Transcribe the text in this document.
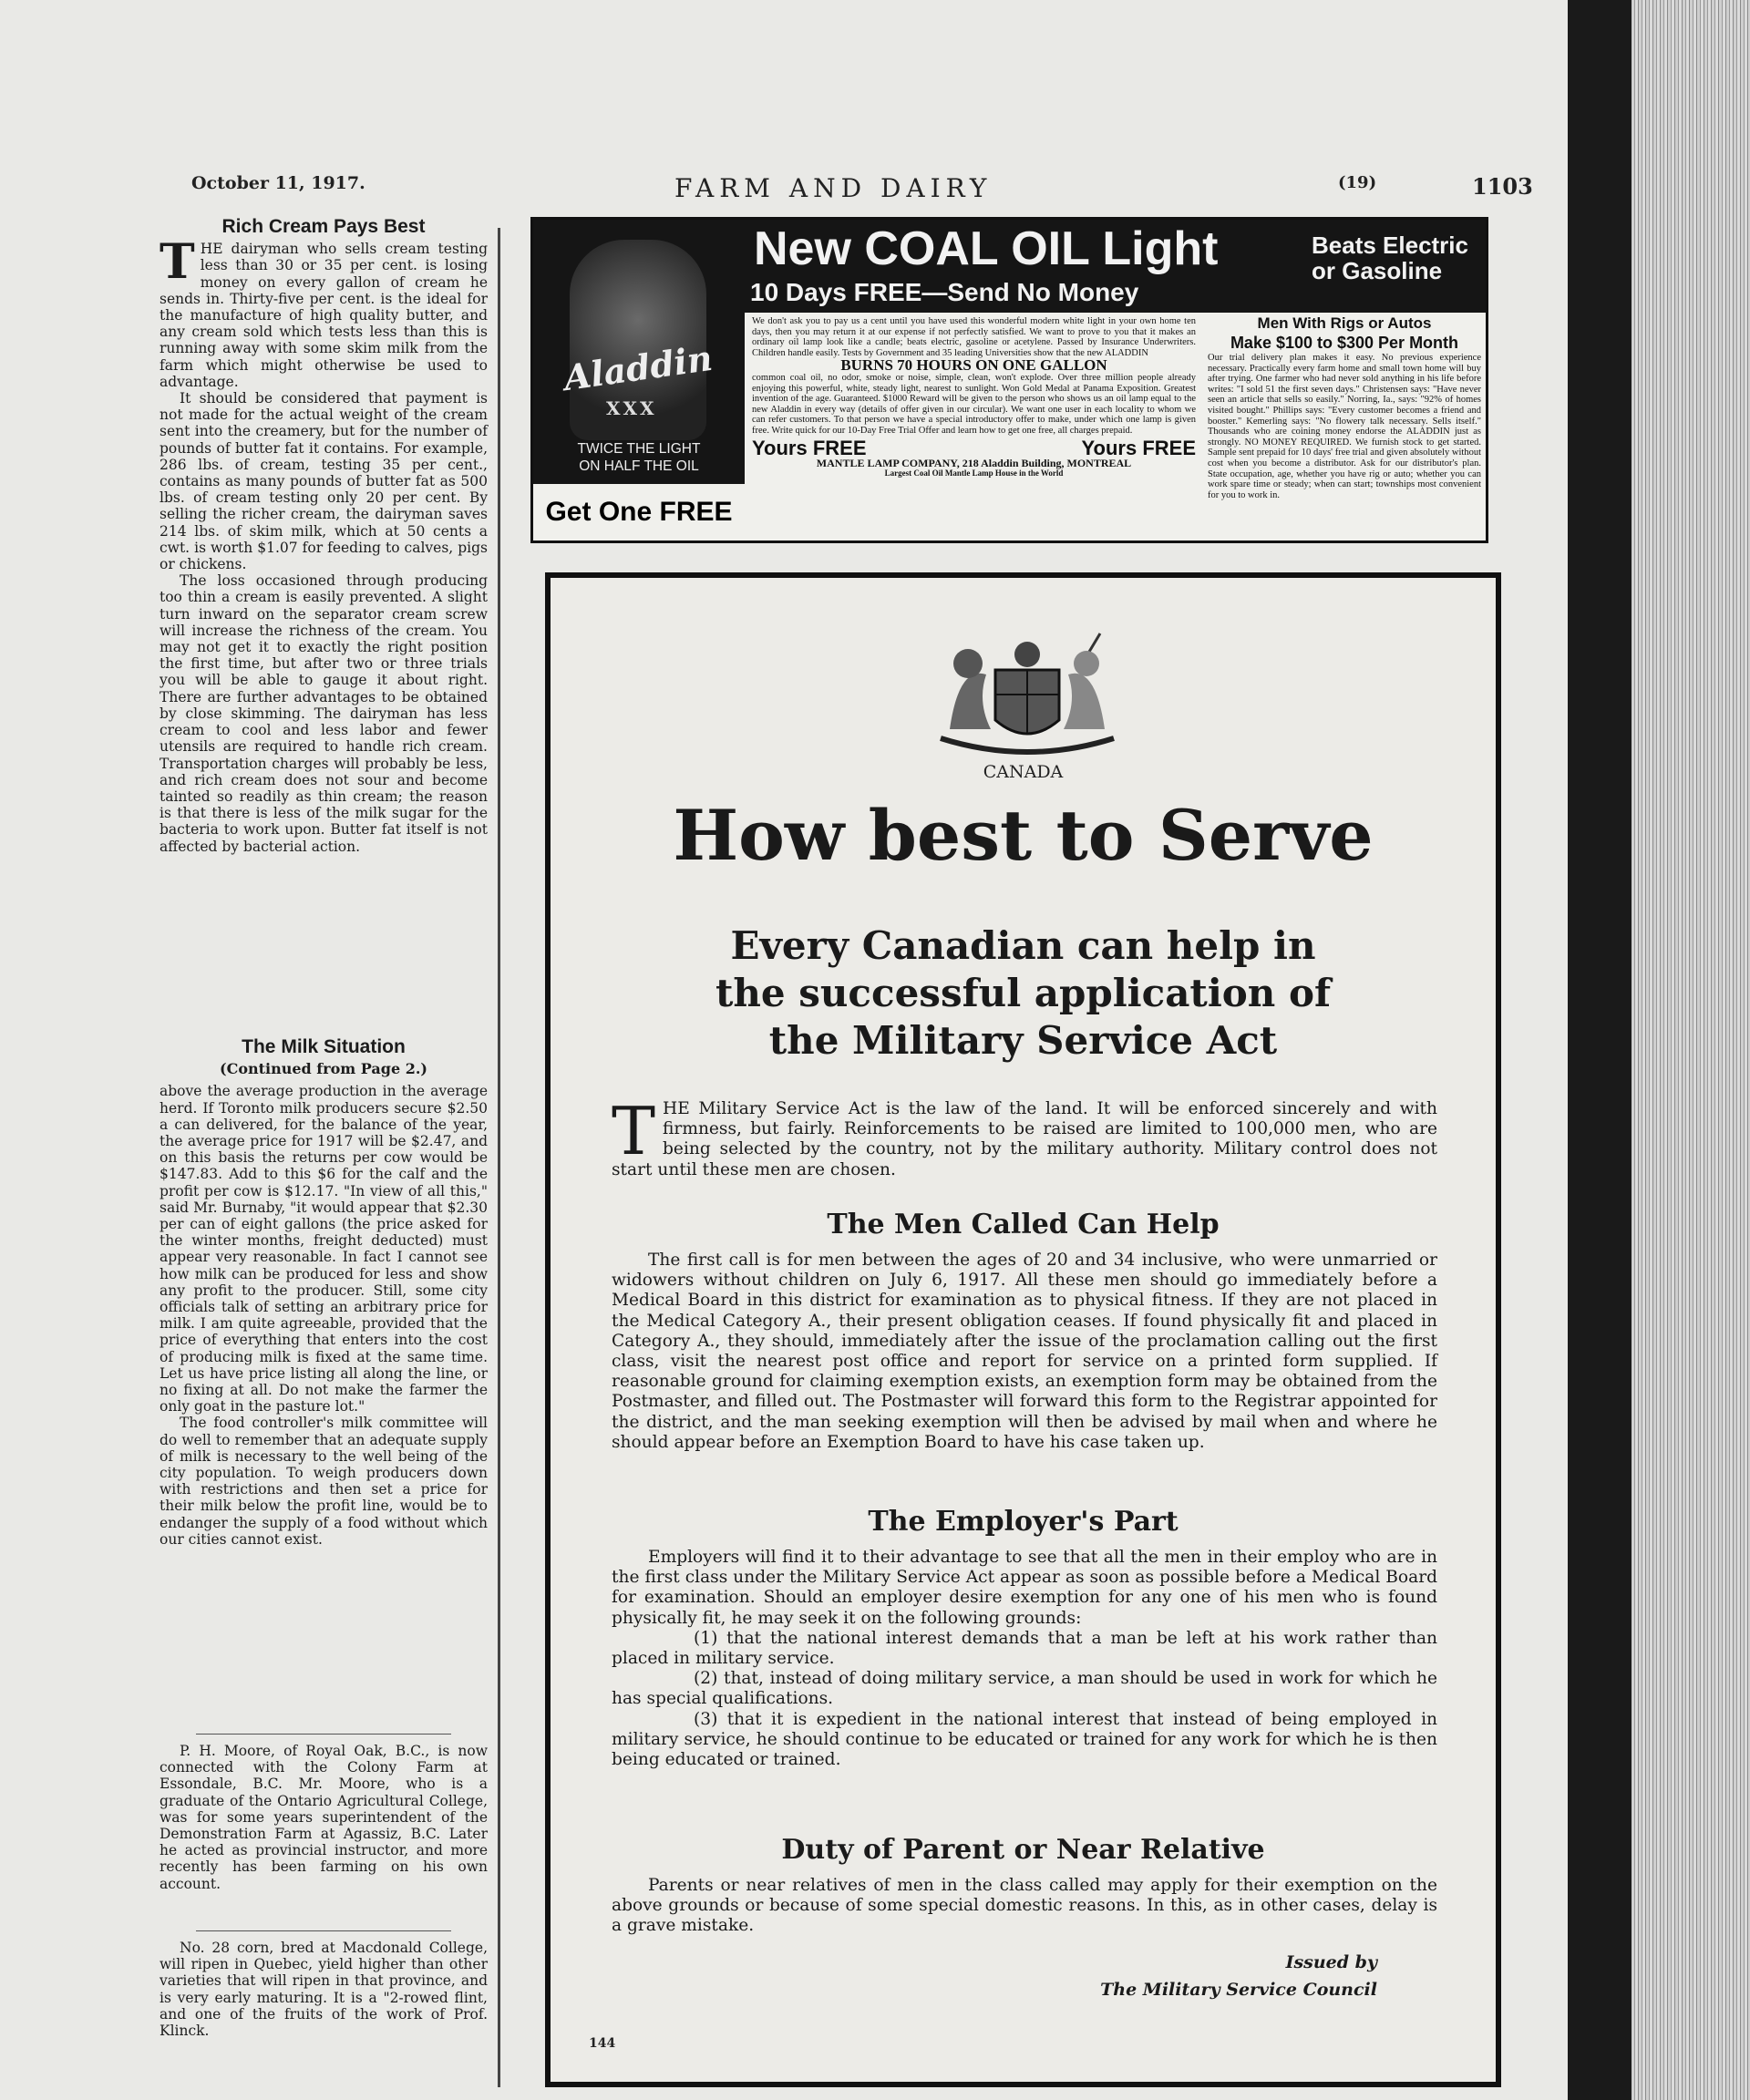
October 11, 1917.	FARM AND DAIRY	(19)	1103
Rich Cream Pays Best

THE dairyman who sells cream testing less than 30 or 35 per cent. is losing money on every gallon of cream he sends in. Thirty-five per cent. is the ideal for the manufacture of high quality butter, and any cream sold which tests less than this is running away with some skim milk from the farm which might otherwise be used to advantage.

It should be considered that payment is not made for the actual weight of the cream sent into the creamery, but for the number of pounds of butter fat it contains. For example, 286 lbs. of cream, testing 35 per cent., contains as many pounds of butter fat as 500 lbs. of cream testing only 20 per cent. By selling the richer cream, the dairyman saves 214 lbs. of skim milk, which at 50 cents a cwt. is worth $1.07 for feeding to calves, pigs or chickens.

The loss occasioned through producing too thin a cream is easily prevented. A slight turn inward on the separator cream screw will increase the richness of the cream. You may not get it to exactly the right position the first time, but after two or three trials you will be able to gauge it about right. There are further advantages to be obtained by close skimming. The dairyman has less cream to cool and less labor and fewer utensils are required to handle rich cream. Transportation charges will probably be less, and rich cream does not sour and become tainted so readily as thin cream; the reason is that there is less of the milk sugar for the bacteria to work upon. Butter fat itself is not affected by bacterial action.

The Milk Situation

(Continued from Page 2.)

above the average production in the average herd. If Toronto milk producers secure $2.50 a can delivered, for the balance of the year, the average price for 1917 will be $2.47, and on this basis the returns per cow would be $147.83. Add to this $6 for the calf and the profit per cow is $12.17. "In view of all this," said Mr. Burnaby, "it would appear that $2.30 per can of eight gallons (the price asked for the winter months, freight deducted) must appear very reasonable. In fact I cannot see how milk can be produced for less and show any profit to the producer. Still, some city officials talk of setting an arbitrary price for milk. I am quite agreeable, provided that the price of everything that enters into the cost of producing milk is fixed at the same time. Let us have price listing all along the line, or no fixing at all. Do not make the farmer the only goat in the pasture lot."

The food controller's milk committee will do well to remember that an adequate supply of milk is necessary to the well being of the city population. To weigh producers down with restrictions and then set a price for their milk below the profit line, would be to endanger the supply of a food without which our cities cannot exist.

P. H. Moore, of Royal Oak, B.C., is now connected with the Colony Farm at Essondale, B.C. Mr. Moore, who is a graduate of the Ontario Agricultural College, was for some years superintendent of the Demonstration Farm at Agassiz, B.C. Later he acted as provincial instructor, and more recently has been farming on his own account.

No. 28 corn, bred at Macdonald College, will ripen in Quebec, yield higher than other varieties that will ripen in that province, and is very early maturing. It is a "2-rowed flint, and one of the fruits of the work of Prof. Klinck.

Aladdin
XXX
TWICE THE LIGHT
ON HALF THE OIL
Get One FREE
New COAL OIL Light	Beats Electric
or Gasoline
10 Days FREE—Send No Money
We don't ask you to pay us a cent until you have used this wonderful modern white light in your own home ten days, then you may return it at our expense if not perfectly satisfied. We want to prove to you that it makes an ordinary oil lamp look like a candle; beats electric, gasoline or acetylene. Passed by Insurance Underwriters. Children handle easily. Tests by Government and 35 leading Universities show that the new ALADDIN
BURNS 70 HOURS ON ONE GALLON
common coal oil, no odor, smoke or noise, simple, clean, won't explode. Over three million people already enjoying this powerful, white, steady light, nearest to sunlight. Won Gold Medal at Panama Exposition. Greatest invention of the age. Guaranteed. $1000 Reward will be given to the person who shows us an oil lamp equal to the new Aladdin in every way (details of offer given in our circular). We want one user in each locality to whom we can refer customers. To that person we have a special introductory offer to make, under which one lamp is given free. Write quick for our 10-Day Free Trial Offer and learn how to get one free, all charges prepaid.
Yours FREE	Yours FREE
MANTLE LAMP COMPANY, 218 Aladdin Building, MONTREAL
Largest Coal Oil Mantle Lamp House in the World
Men With Rigs or Autos
Make $100 to $300 Per Month
Our trial delivery plan makes it easy. No previous experience necessary. Practically every farm home and small town home will buy after trying. One farmer who had never sold anything in his life before writes: "I sold 51 the first seven days." Christensen says: "Have never seen an article that sells so easily." Norring, Ia., says: "92% of homes visited bought." Phillips says: "Every customer becomes a friend and booster." Kemerling says: "No flowery talk necessary. Sells itself." Thousands who are coining money endorse the ALADDIN just as strongly. NO MONEY REQUIRED. We furnish stock to get started. Sample sent prepaid for 10 days' free trial and given absolutely without cost when you become a distributor. Ask for our distributor's plan. State occupation, age, whether you have rig or auto; whether you can work spare time or steady; when can start; townships most convenient for you to work in.
CANADA
How best to Serve
Every Canadian can help in
the successful application of
the Military Service Act

THE Military Service Act is the law of the land. It will be enforced sincerely and with firmness, but fairly. Reinforcements to be raised are limited to 100,000 men, who are being selected by the country, not by the military authority. Military control does not start until these men are chosen.

The Men Called Can Help

The first call is for men between the ages of 20 and 34 inclusive, who were unmarried or widowers without children on July 6, 1917. All these men should go immediately before a Medical Board in this district for examination as to physical fitness. If they are not placed in the Medical Category A., their present obligation ceases. If found physically fit and placed in Category A., they should, immediately after the issue of the proclamation calling out the first class, visit the nearest post office and report for service on a printed form supplied. If reasonable ground for claiming exemption exists, an exemption form may be obtained from the Postmaster, and filled out. The Postmaster will forward this form to the Registrar appointed for the district, and the man seeking exemption will then be advised by mail when and where he should appear before an Exemption Board to have his case taken up.

The Employer's Part

Employers will find it to their advantage to see that all the men in their employ who are in the first class under the Military Service Act appear as soon as possible before a Medical Board for examination. Should an employer desire exemption for any one of his men who is found physically fit, he may seek it on the following grounds:

(1) that the national interest demands that a man be left at his work rather than placed in military service.

(2) that, instead of doing military service, a man should be used in work for which he has special qualifications.

(3) that it is expedient in the national interest that instead of being employed in military service, he should continue to be educated or trained for any work for which he is then being educated or trained.

Duty of Parent or Near Relative

Parents or near relatives of men in the class called may apply for their exemption on the above grounds or because of some special domestic reasons. In this, as in other cases, delay is a grave mistake.

Issued by
The Military Service Council
144
